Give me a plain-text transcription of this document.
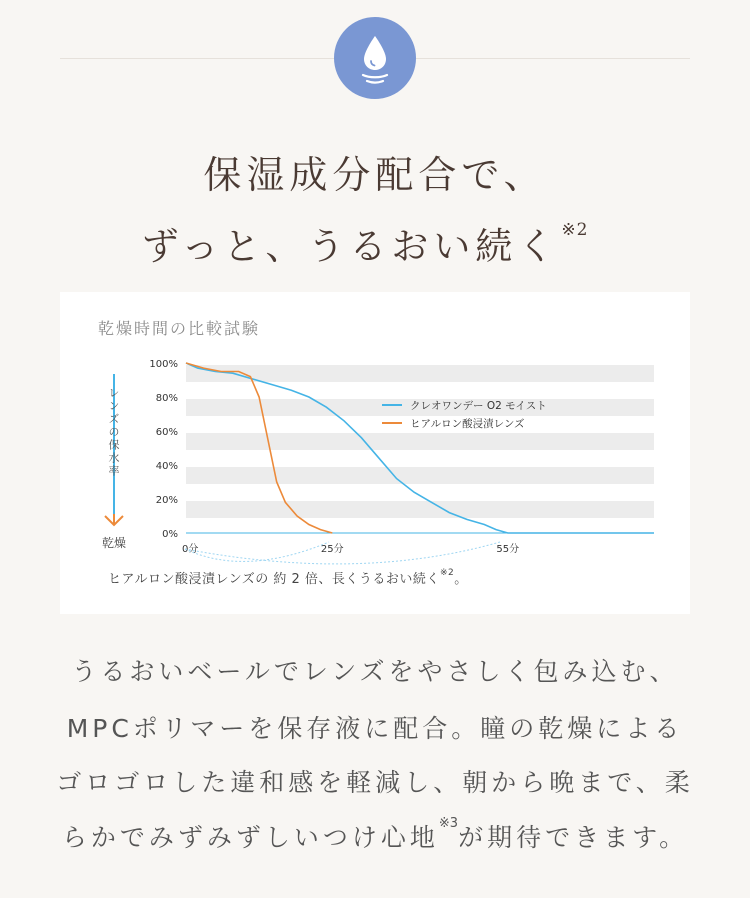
保湿成分配合で、
ずっと、うるおい続く $^{※2}$
乾燥時間の比較試験
100%
80%
60%
40%
20%
0%
0分	25分	55分
クレオワンデー O2 モイスト
ヒアルロン酸浸漬レンズ
レンズの保水率
乾燥
ヒアルロン酸浸漬レンズの 約 2 倍、長くうるおい続く$^{※2}$。
うるおいベールでレンズをやさしく包み込む、
MPCポリマーを保存液に配合。瞳の乾燥による
ゴロゴロした違和感を軽減し、朝から晩まで、柔
らかでみずみずしいつけ心地$^{※3}$が期待できます。
